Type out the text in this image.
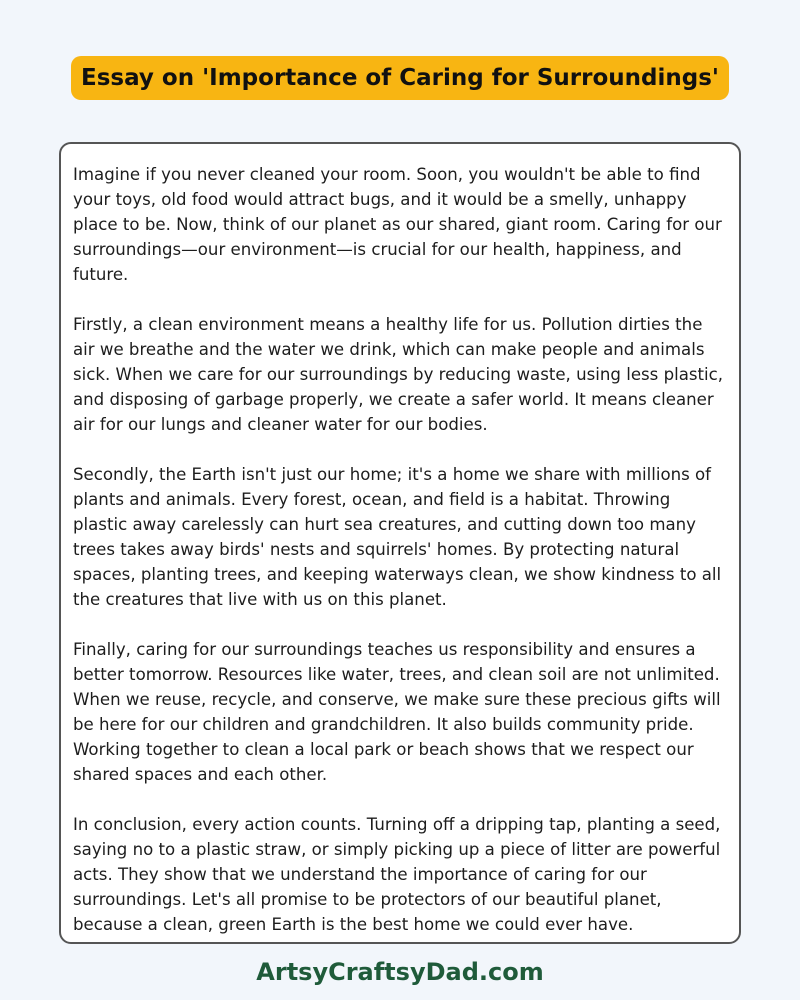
Essay on 'Importance of Caring for Surroundings'

Imagine if you never cleaned your room. Soon, you wouldn't be able to find your toys, old food would attract bugs, and it would be a smelly, unhappy place to be. Now, think of our planet as our shared, giant room. Caring for our surroundings—our environment—is crucial for our health, happiness, and future.

Firstly, a clean environment means a healthy life for us. Pollution dirties the air we breathe and the water we drink, which can make people and animals sick. When we care for our surroundings by reducing waste, using less plastic, and disposing of garbage properly, we create a safer world. It means cleaner air for our lungs and cleaner water for our bodies.

Secondly, the Earth isn't just our home; it's a home we share with millions of plants and animals. Every forest, ocean, and field is a habitat. Throwing plastic away carelessly can hurt sea creatures, and cutting down too many trees takes away birds' nests and squirrels' homes. By protecting natural spaces, planting trees, and keeping waterways clean, we show kindness to all the creatures that live with us on this planet.

Finally, caring for our surroundings teaches us responsibility and ensures a better tomorrow. Resources like water, trees, and clean soil are not unlimited. When we reuse, recycle, and conserve, we make sure these precious gifts will be here for our children and grandchildren. It also builds community pride. Working together to clean a local park or beach shows that we respect our shared spaces and each other.

In conclusion, every action counts. Turning off a dripping tap, planting a seed, saying no to a plastic straw, or simply picking up a piece of litter are powerful acts. They show that we understand the importance of caring for our surroundings. Let's all promise to be protectors of our beautiful planet, because a clean, green Earth is the best home we could ever have.

ArtsyCraftsyDad.com
